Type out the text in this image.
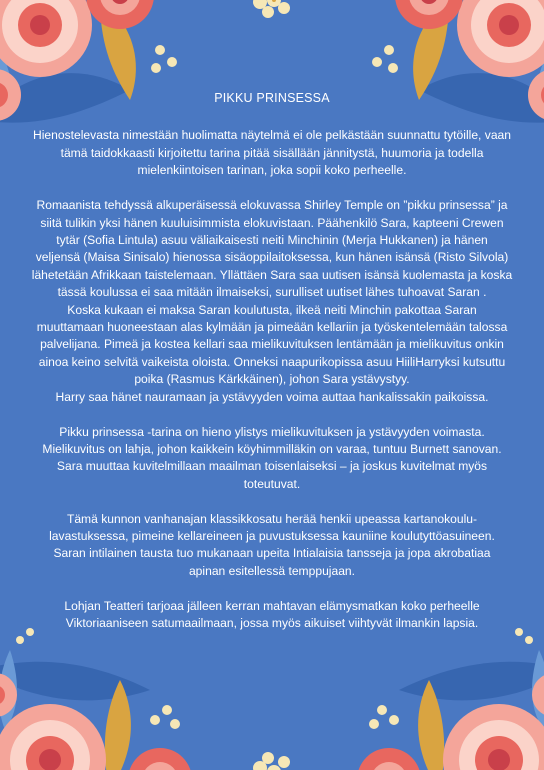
PIKKU PRINSESSA

Hienostelevasta nimestään huolimatta näytelmä ei ole pelkästään suunnattu tytöille, vaan
tämä taidokkaasti kirjoitettu tarina pitää sisällään jännitystä, huumoria ja todella
mielenkiintoisen tarinan, joka sopii koko perheelle.

Romaanista tehdyssä alkuperäisessä elokuvassa Shirley Temple on ”pikku prinsessa” ja
siitä tulikin yksi hänen kuuluisimmista elokuvistaan. Päähenkilö Sara, kapteeni Crewen
tytär (Sofia Lintula) asuu väliaikaisesti neiti Minchinin (Merja Hukkanen) ja hänen
veljensä (Maisa Sinisalo) hienossa sisäoppilaitoksessa, kun hänen isänsä (Risto Silvola)
lähetetään Afrikkaan taistelemaan. Yllättäen Sara saa uutisen isänsä kuolemasta ja koska
tässä koulussa ei saa mitään ilmaiseksi, surulliset uutiset lähes tuhoavat Saran .
Koska kukaan ei maksa Saran koulutusta, ilkeä neiti Minchin pakottaa Saran
muuttamaan huoneestaan alas kylmään ja pimeään kellariin ja työskentelemään talossa
palvelijana. Pimeä ja kostea kellari saa mielikuvituksen lentämään ja mielikuvitus onkin
ainoa keino selvitä vaikeista oloista. Onneksi naapurikopissa asuu HiiliHarryksi kutsuttu
poika (Rasmus Kärkkäinen), johon Sara ystävystyy.
Harry saa hänet nauramaan ja ystävyyden voima auttaa hankalissakin paikoissa.

Pikku prinsessa -tarina on hieno ylistys mielikuvituksen ja ystävyyden voimasta.
Mielikuvitus on lahja, johon kaikkein köyhimmilläkin on varaa, tuntuu Burnett sanovan.
Sara muuttaa kuvitelmillaan maailman toisenlaiseksi – ja joskus kuvitelmat myös
toteutuvat.

Tämä kunnon vanhanajan klassikkosatu herää henkii upeassa kartanokoulu-
lavastuksessa, pimeine kellareineen ja puvustuksessa kauniine koulutyttöasuineen.
Saran intilainen tausta tuo mukanaan upeita Intialaisia tansseja ja jopa akrobatiaa
apinan esitellessä temppujaan.

Lohjan Teatteri tarjoaa jälleen kerran mahtavan elämysmatkan koko perheelle
Viktoriaaniseen satumaailmaan, jossa myös aikuiset viihtyvät ilmankin lapsia.
